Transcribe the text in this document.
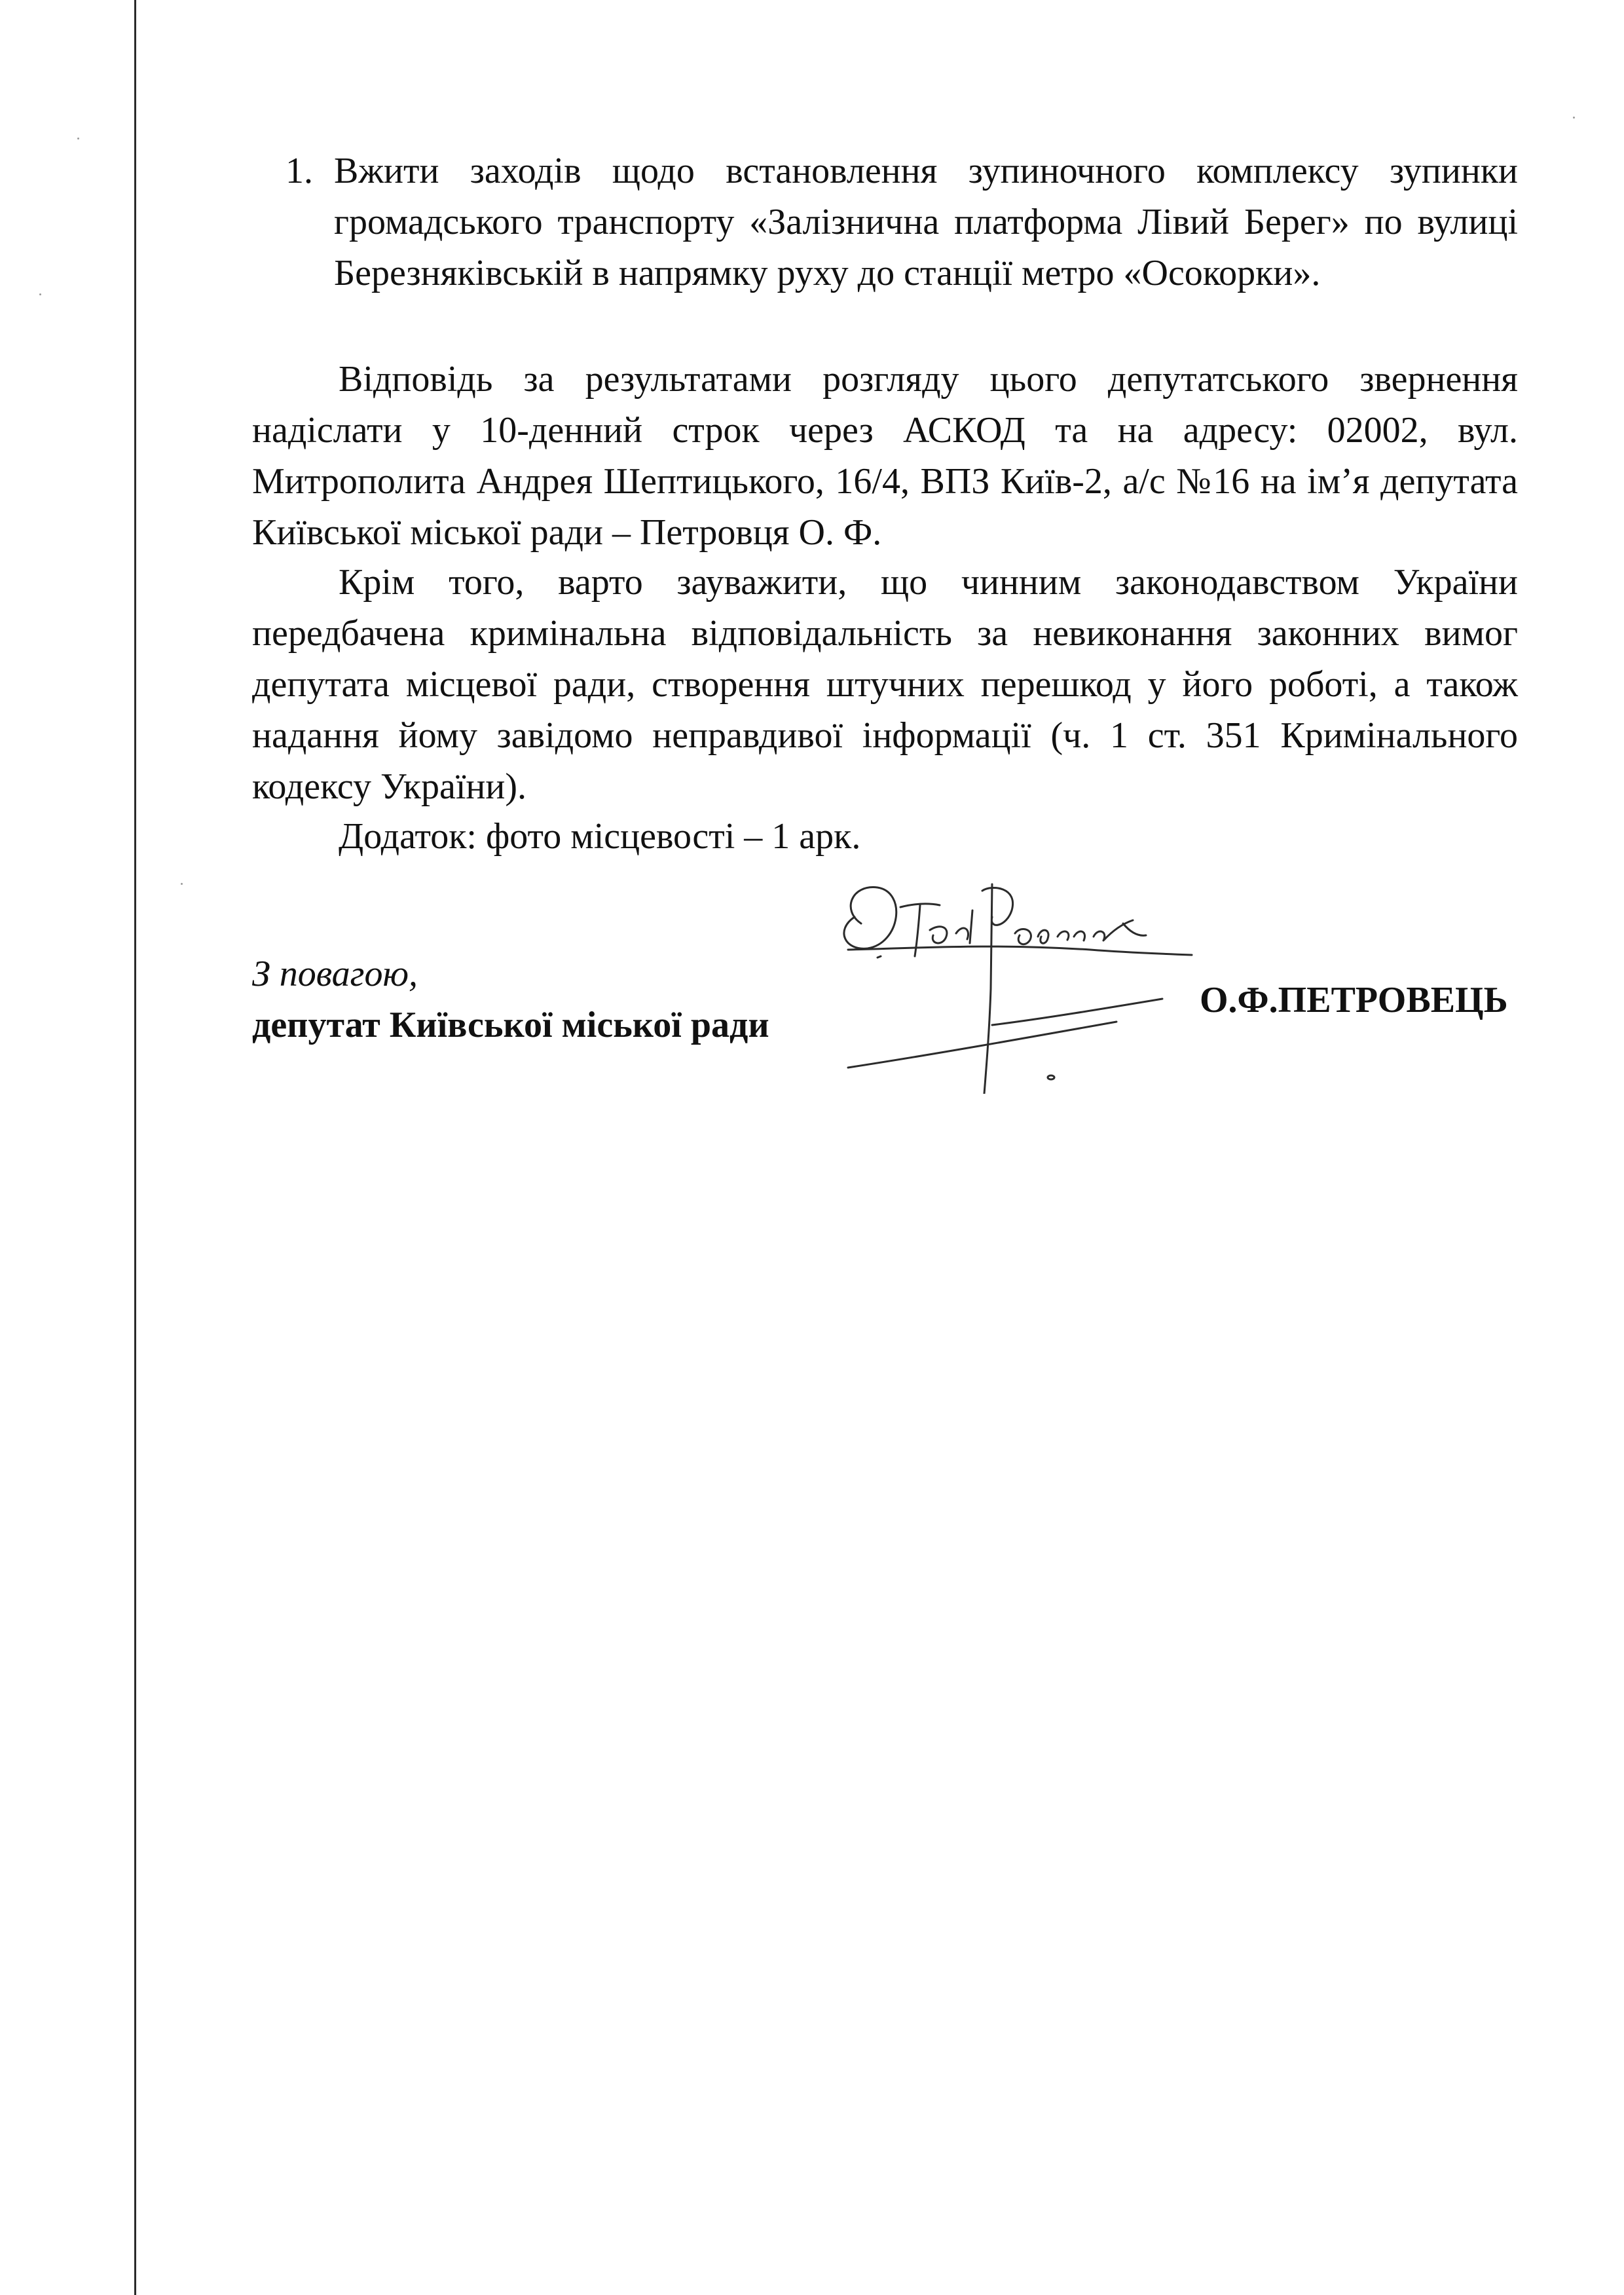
1. Вжити заходів щодо встановлення зупиночного комплексу зупинки громадського транспорту «Залізнична платформа Лівий Берег» по вулиці Березняківській в напрямку руху до станції метро «Осокорки».

Відповідь за результатами розгляду цього депутатського звернення надіслати у 10-денний строк через АСКОД та на адресу: 02002, вул. Митрополита Андрея Шептицького, 16/4, ВПЗ Київ-2, а/с №16 на ім’я депутата Київської міської ради – Петровця О. Ф.

Крім того, варто зауважити, що чинним законодавством України передбачена кримінальна відповідальність за невиконання законних вимог депутата місцевої ради, створення штучних перешкод у його роботі, а також надання йому завідомо неправдивої інформації (ч. 1 ст. 351 Кримінального кодексу України).

Додаток: фото місцевості – 1 арк.

З повагою,
депутат Київської міської ради
О.Ф.ПЕТРОВЕЦЬ
